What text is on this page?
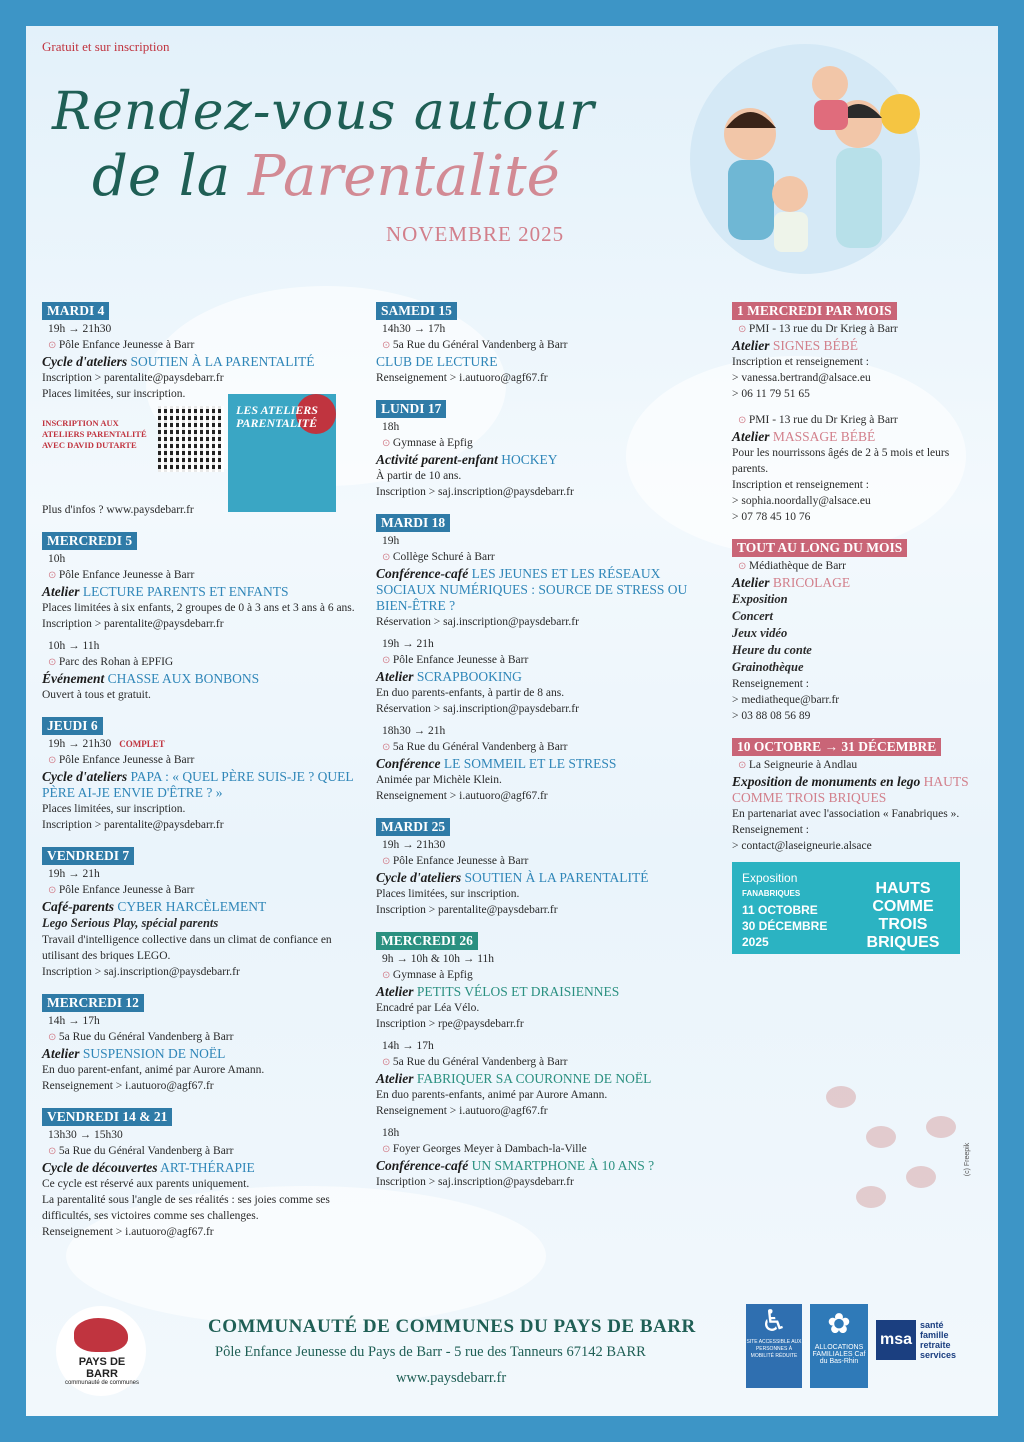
Gratuit et sur inscription
Rendez-vous autour
de la Parentalité
NOVEMBRE 2025
MARDI 4
19h → 21h30
⊙ Pôle Enfance Jeunesse à Barr
Cycle d'ateliers SOUTIEN À LA PARENTALITÉ
Inscription > parentalite@paysdebarr.fr
Places limitées, sur inscription.
INSCRIPTION AUX ATELIERS PARENTALITÉ AVEC DAVID DUTARTE
LES ATELIERS PARENTALITÉ
Plus d'infos ? www.paysdebarr.fr
MERCREDI 5
10h
⊙ Pôle Enfance Jeunesse à Barr
Atelier LECTURE PARENTS ET ENFANTS
Places limitées à six enfants, 2 groupes de 0 à 3 ans et 3 ans à 6 ans.
Inscription > parentalite@paysdebarr.fr
10h → 11h
⊙ Parc des Rohan à EPFIG
Événement CHASSE AUX BONBONS
Ouvert à tous et gratuit.
JEUDI 6
19h → 21h30 COMPLET
⊙ Pôle Enfance Jeunesse à Barr
Cycle d'ateliers PAPA : « QUEL PÈRE SUIS-JE ? QUEL PÈRE AI-JE ENVIE D'ÊTRE ? »
Places limitées, sur inscription.
Inscription > parentalite@paysdebarr.fr
VENDREDI 7
19h → 21h
⊙ Pôle Enfance Jeunesse à Barr
Café-parents CYBER HARCÈLEMENT
Lego Serious Play, spécial parents
Travail d'intelligence collective dans un climat de confiance en utilisant des briques LEGO.
Inscription > saj.inscription@paysdebarr.fr
MERCREDI 12
14h → 17h
⊙ 5a Rue du Général Vandenberg à Barr
Atelier SUSPENSION DE NOËL
En duo parent-enfant, animé par Aurore Amann.
Renseignement > i.autuoro@agf67.fr
VENDREDI 14 & 21
13h30 → 15h30
⊙ 5a Rue du Général Vandenberg à Barr
Cycle de découvertes ART-THÉRAPIE
Ce cycle est réservé aux parents uniquement.
La parentalité sous l'angle de ses réalités : ses joies comme ses difficultés, ses victoires comme ses challenges.
Renseignement > i.autuoro@agf67.fr
SAMEDI 15
14h30 → 17h
⊙ 5a Rue du Général Vandenberg à Barr
CLUB DE LECTURE
Renseignement > i.autuoro@agf67.fr
LUNDI 17
18h
⊙ Gymnase à Epfig
Activité parent-enfant HOCKEY
À partir de 10 ans.
Inscription > saj.inscription@paysdebarr.fr
MARDI 18
19h
⊙ Collège Schuré à Barr
Conférence-café LES JEUNES ET LES RÉSEAUX SOCIAUX NUMÉRIQUES : SOURCE DE STRESS OU BIEN-ÊTRE ?
Réservation > saj.inscription@paysdebarr.fr
19h → 21h
⊙ Pôle Enfance Jeunesse à Barr
Atelier SCRAPBOOKING
En duo parents-enfants, à partir de 8 ans.
Réservation > saj.inscription@paysdebarr.fr
18h30 → 21h
⊙ 5a Rue du Général Vandenberg à Barr
Conférence LE SOMMEIL ET LE STRESS
Animée par Michèle Klein.
Renseignement > i.autuoro@agf67.fr
MARDI 25
19h → 21h30
⊙ Pôle Enfance Jeunesse à Barr
Cycle d'ateliers SOUTIEN À LA PARENTALITÉ
Places limitées, sur inscription.
Inscription > parentalite@paysdebarr.fr
MERCREDI 26
9h → 10h & 10h → 11h
⊙ Gymnase à Epfig
Atelier PETITS VÉLOS ET DRAISIENNES
Encadré par Léa Vélo.
Inscription > rpe@paysdebarr.fr
14h → 17h
⊙ 5a Rue du Général Vandenberg à Barr
Atelier FABRIQUER SA COURONNE DE NOËL
En duo parents-enfants, animé par Aurore Amann.
Renseignement > i.autuoro@agf67.fr
18h
⊙ Foyer Georges Meyer à Dambach-la-Ville
Conférence-café UN SMARTPHONE À 10 ANS ?
Inscription > saj.inscription@paysdebarr.fr
1 MERCREDI PAR MOIS
⊙ PMI - 13 rue du Dr Krieg à Barr
Atelier SIGNES BÉBÉ
Inscription et renseignement :
> vanessa.bertrand@alsace.eu
> 06 11 79 51 65
⊙ PMI - 13 rue du Dr Krieg à Barr
Atelier MASSAGE BÉBÉ
Pour les nourrissons âgés de 2 à 5 mois et leurs parents.
Inscription et renseignement :
> sophia.noordally@alsace.eu
> 07 78 45 10 76
TOUT AU LONG DU MOIS
⊙ Médiathèque de Barr
Atelier BRICOLAGE
Exposition
Concert
Jeux vidéo
Heure du conte
Grainothèque
Renseignement :
> mediatheque@barr.fr
> 03 88 08 56 89
10 OCTOBRE → 31 DÉCEMBRE
⊙ La Seigneurie à Andlau
Exposition de monuments en lego HAUTS COMME TROIS BRIQUES
En partenariat avec l'association « Fanabriques ».
Renseignement :
> contact@laseigneurie.alsace
Exposition
FANABRIQUES
11 OCTOBRE
30 DÉCEMBRE
2025
HAUTS COMME TROIS BRIQUES
(c) Freepik
PAYS DE BARR
communauté de communes
COMMUNAUTÉ DE COMMUNES DU PAYS DE BARR
Pôle Enfance Jeunesse du Pays de Barr - 5 rue des Tanneurs 67142 BARR
www.paysdebarr.fr
♿
SITE ACCESSIBLE AUX PERSONNES À MOBILITÉ RÉDUITE
✿
ALLOCATIONS FAMILIALES Caf du Bas-Rhin
msasanté famille retraite services
